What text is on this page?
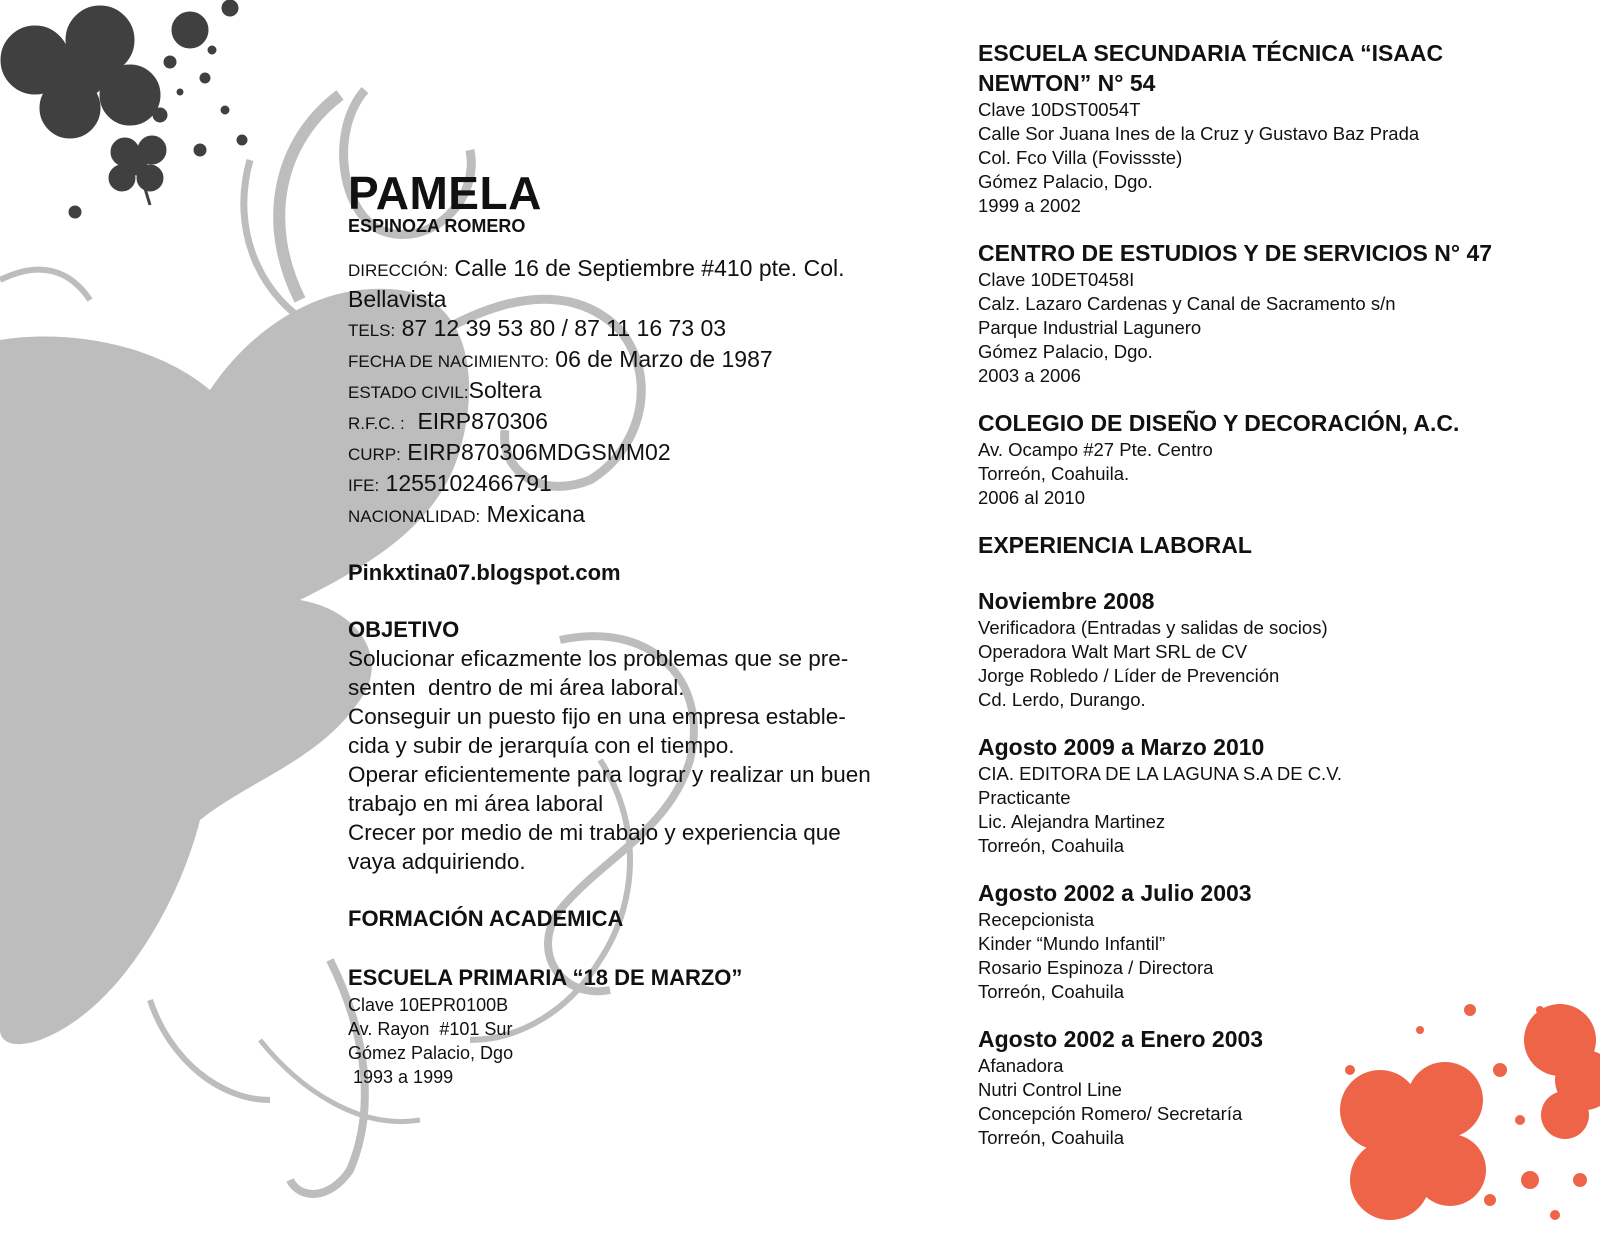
PAMELA
ESPINOZA ROMERO
DIRECCIÓN: Calle 16 de Septiembre #410 pte. Col. Bellavista
TELS: 87 12 39 53 80 / 87 11 16 73 03
FECHA DE NACIMIENTO: 06 de Marzo de 1987
ESTADO CIVIL:Soltera
R.F.C. :  EIRP870306
CURP: EIRP870306MDGSMM02
IFE: 1255102466791
NACIONALIDAD: Mexicana
Pinkxtina07.blogspot.com
OBJETIVO
Solucionar eficazmente los problemas que se pre-
senten  dentro de mi área laboral.
Conseguir un puesto fijo en una empresa estable-
cida y subir de jerarquía con el tiempo.
Operar eficientemente para lograr y realizar un buen
trabajo en mi área laboral
Crecer por medio de mi trabajo y experiencia que
vaya adquiriendo.
FORMACIÓN ACADEMICA
ESCUELA PRIMARIA “18 DE MARZO”
Clave 10EPR0100B
Av. Rayon  #101 Sur
Gómez Palacio, Dgo
1993 a 1999
ESCUELA SECUNDARIA TÉCNICA “ISAAC NEWTON” N° 54
Clave 10DST0054T
Calle Sor Juana Ines de la Cruz y Gustavo Baz Prada
Col. Fco Villa (Fovissste)
Gómez Palacio, Dgo.
1999 a 2002
CENTRO DE ESTUDIOS Y DE SERVICIOS N° 47
Clave 10DET0458I
Calz. Lazaro Cardenas y Canal de Sacramento s/n
Parque Industrial Lagunero
Gómez Palacio, Dgo.
2003 a 2006
COLEGIO DE DISEÑO Y DECORACIÓN, A.C.
Av. Ocampo #27 Pte. Centro
Torreón, Coahuila.
2006 al 2010
EXPERIENCIA LABORAL
Noviembre 2008
Verificadora (Entradas y salidas de socios)
Operadora Walt Mart SRL de CV
Jorge Robledo / Líder de Prevención
Cd. Lerdo, Durango.
Agosto 2009 a Marzo 2010
CIA. EDITORA DE LA LAGUNA S.A DE C.V.
Practicante
Lic. Alejandra Martinez
Torreón, Coahuila
Agosto 2002 a Julio 2003
Recepcionista
Kinder “Mundo Infantil”
Rosario Espinoza / Directora
Torreón, Coahuila
Agosto 2002 a Enero 2003
Afanadora
Nutri Control Line
Concepción Romero/ Secretaría
Torreón, Coahuila
